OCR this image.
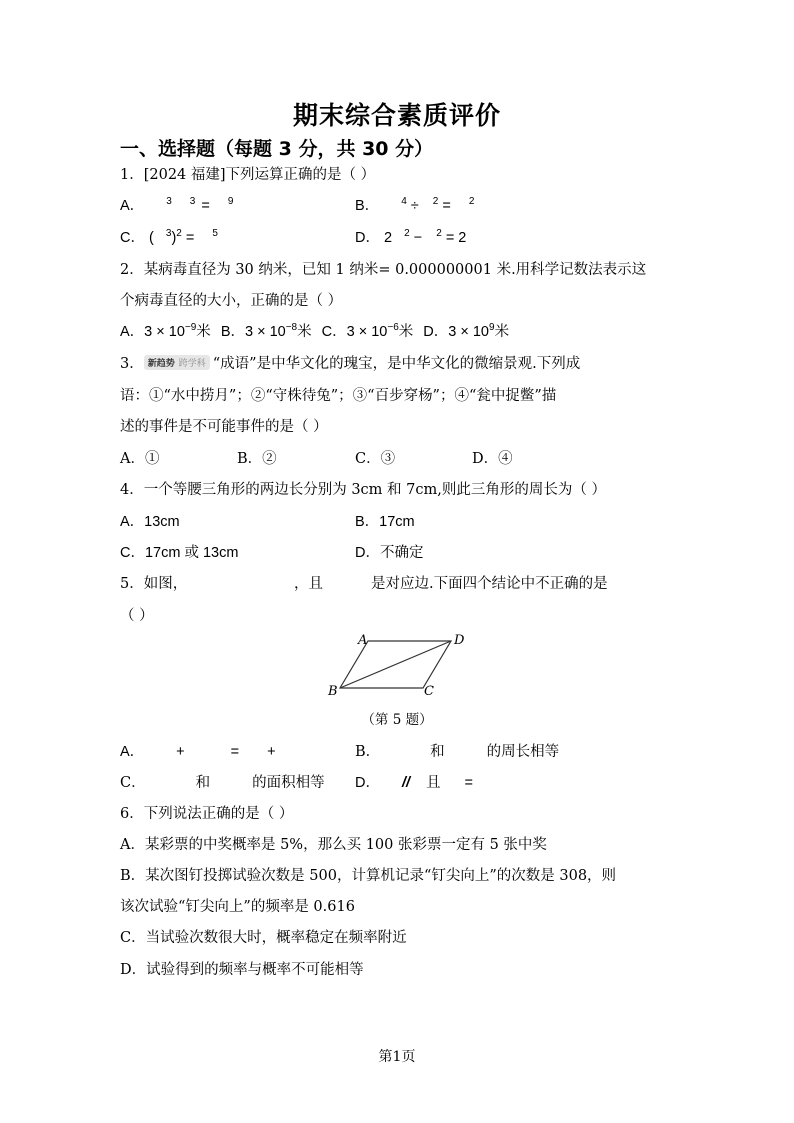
期末综合素质评价
一、选择题（每题 3 分，共 30 分）
1．[2024 福建]下列运算正确的是（ ）
A． $^3$ $^3$ = $^9$	B． $^4$ ÷ $^2$ = $^2$
C． ( $^3$)$^2$ = $^5$	D． 2 $^2$ − $^2$ = 2
2．某病毒直径为 30 纳米，已知 1 纳米= 0.000000001 米.用科学记数法表示这
个病毒直径的大小，正确的是（ ）
A．$3 \times 10^{-9}$米 B．$3 \times 10^{-8}$米 C．$3 \times 10^{-6}$米 D．$3 \times 10^9$米
3． 新趋势 跨学科 “成语”是中华文化的瑰宝，是中华文化的微缩景观.下列成
语：①“水中捞月”；②“守株待兔”；③“百步穿杨”；④“瓮中捉鳖”描
述的事件是不可能事件的是（ ）
A．①	B．②	C．③	D．④
4．一个等腰三角形的两边长分别为 3cm 和 7cm,则此三角形的周长为（ ）
A．13cm	B．17cm
C．17cm 或 13cm	D．不确定
5．如图，	，且	是对应边.下面四个结论中不正确的是
（ ）
A	D
B	C
（第 5 题）
A． +	= +	B．	和	的周长相等
C．	和	的面积相等 D． // 且 =
6．下列说法正确的是（ ）
A．某彩票的中奖概率是 5%，那么买 100 张彩票一定有 5 张中奖
B．某次图钉投掷试验次数是 500，计算机记录“钉尖向上”的次数是 308，则
该次试验“钉尖向上”的频率是 0.616
C．当试验次数很大时，概率稳定在频率附近
D．试验得到的频率与概率不可能相等
第1页
